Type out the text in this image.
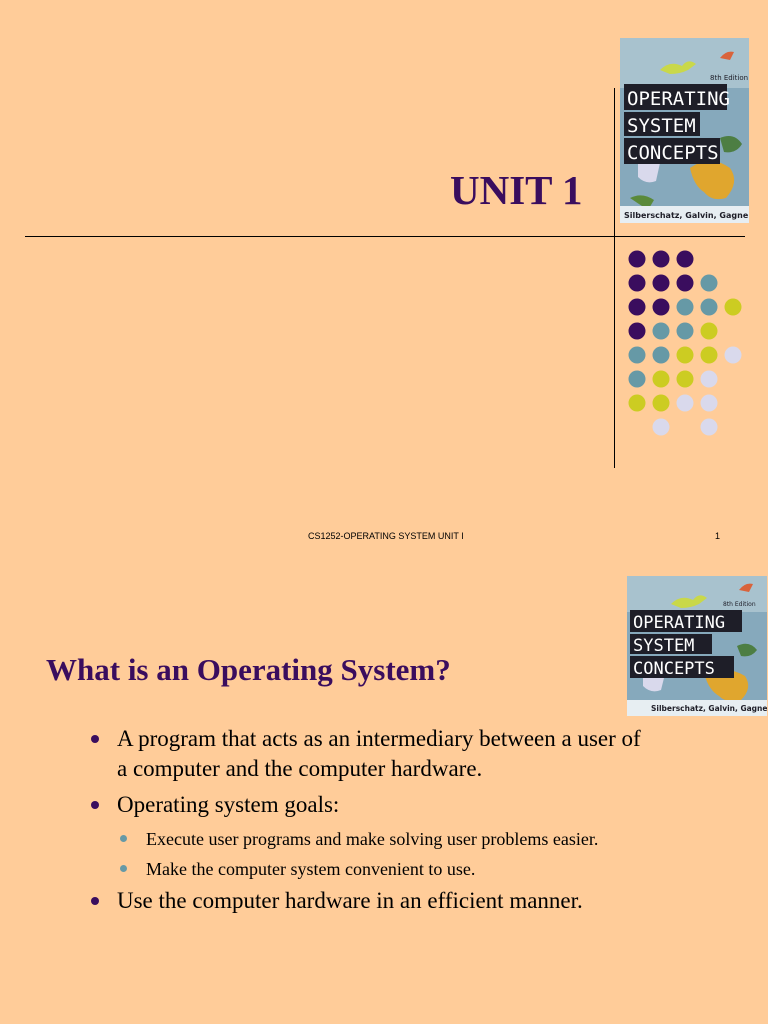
OPERATING
SYSTEM
CONCEPTS
8th Edition
Silberschatz, Galvin, Gagne
UNIT 1
CS1252-OPERATING SYSTEM UNIT I	1
OPERATING
SYSTEM
CONCEPTS
8th Edition
Silberschatz, Galvin, Gagne
What is an Operating System?
A program that acts as an intermediary between a user of a computer and the computer hardware.
Operating system goals:
Execute user programs and make solving user problems easier.
Make the computer system convenient to use.
Use the computer hardware in an efficient manner.
